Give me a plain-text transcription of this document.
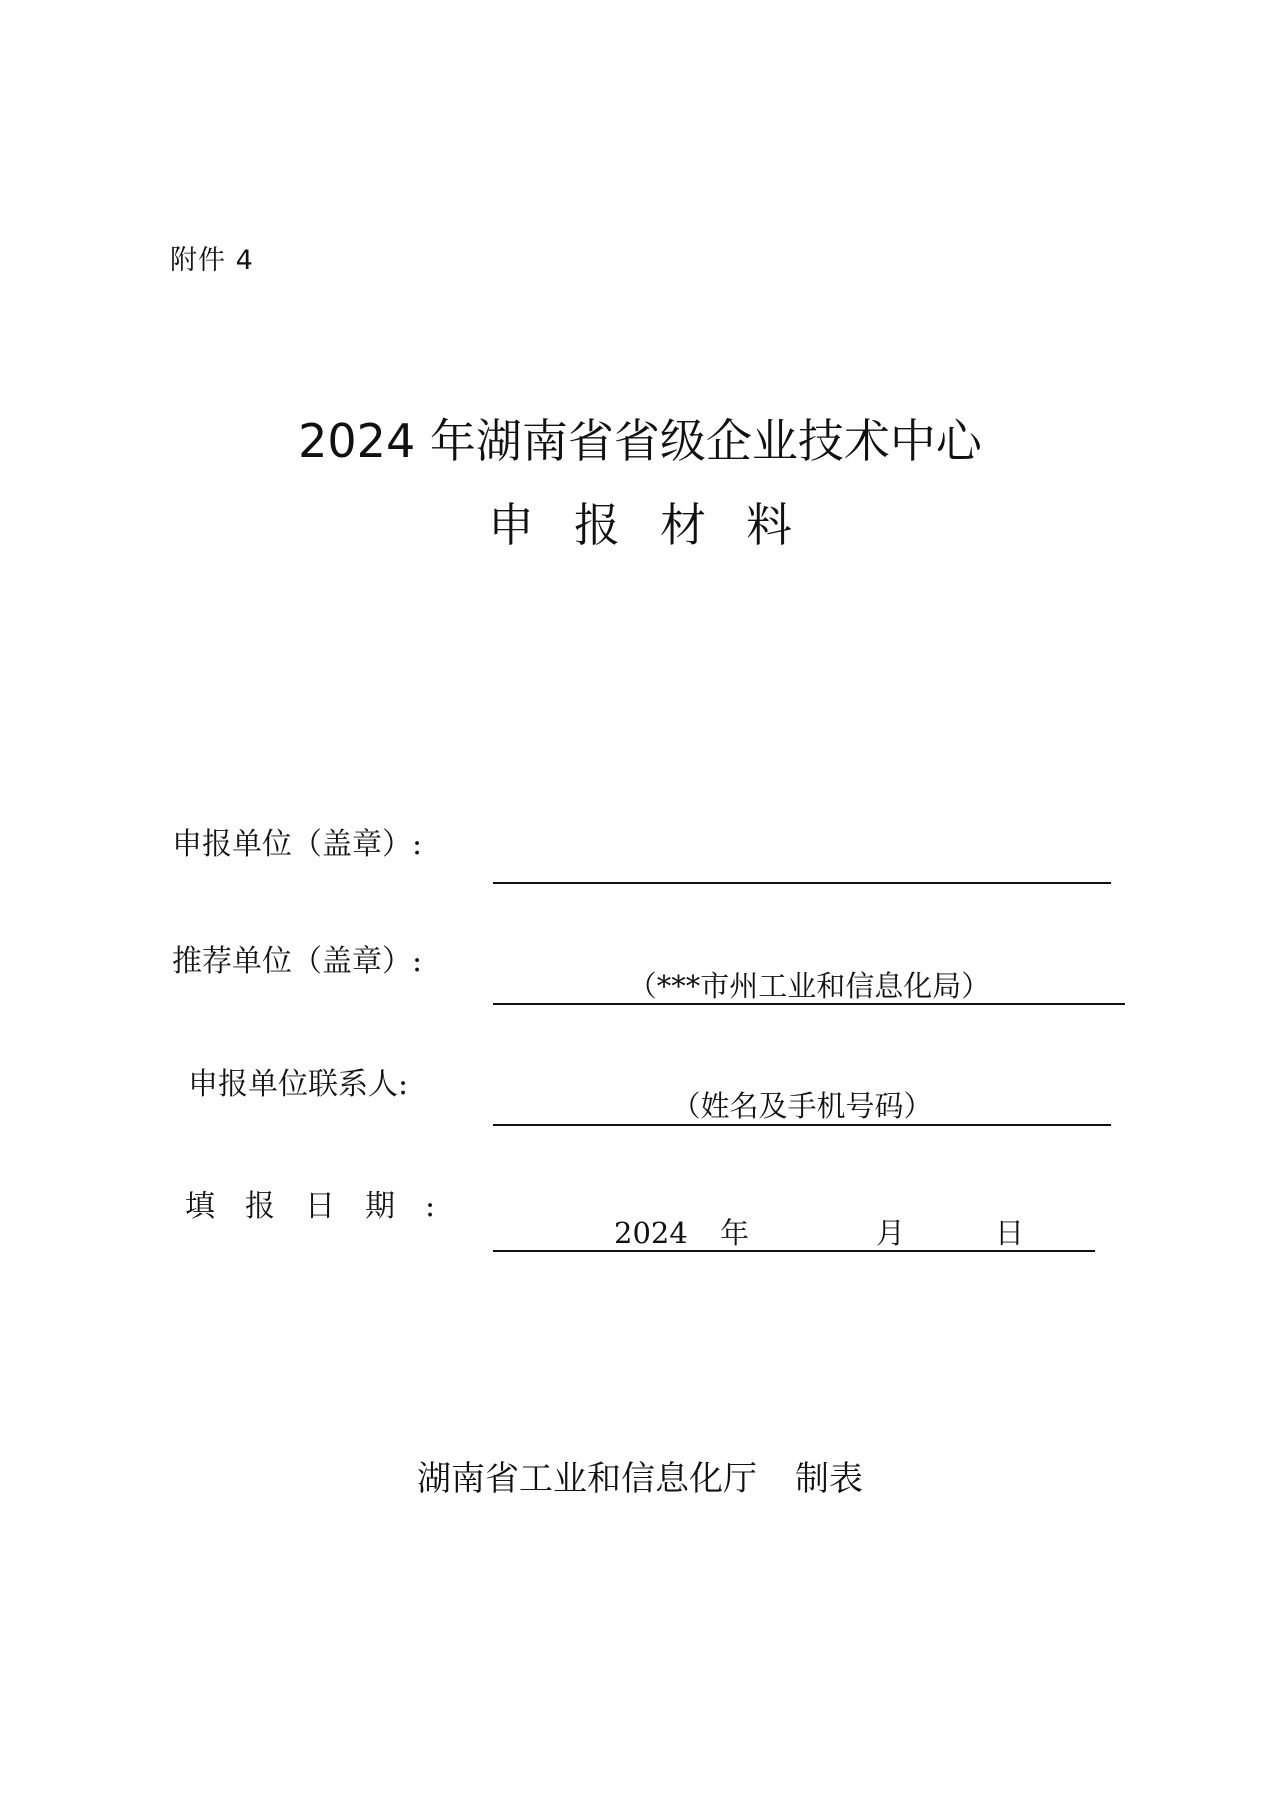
附件 4
2024 年湖南省省级企业技术中心
申报材料
申报单位（盖章）:
推荐单位（盖章）:
（***市州工业和信息化局）
申报单位联系人:
（姓名及手机号码）
填报日期:
2024 年	月	日
湖南省工业和信息化厅 制表
